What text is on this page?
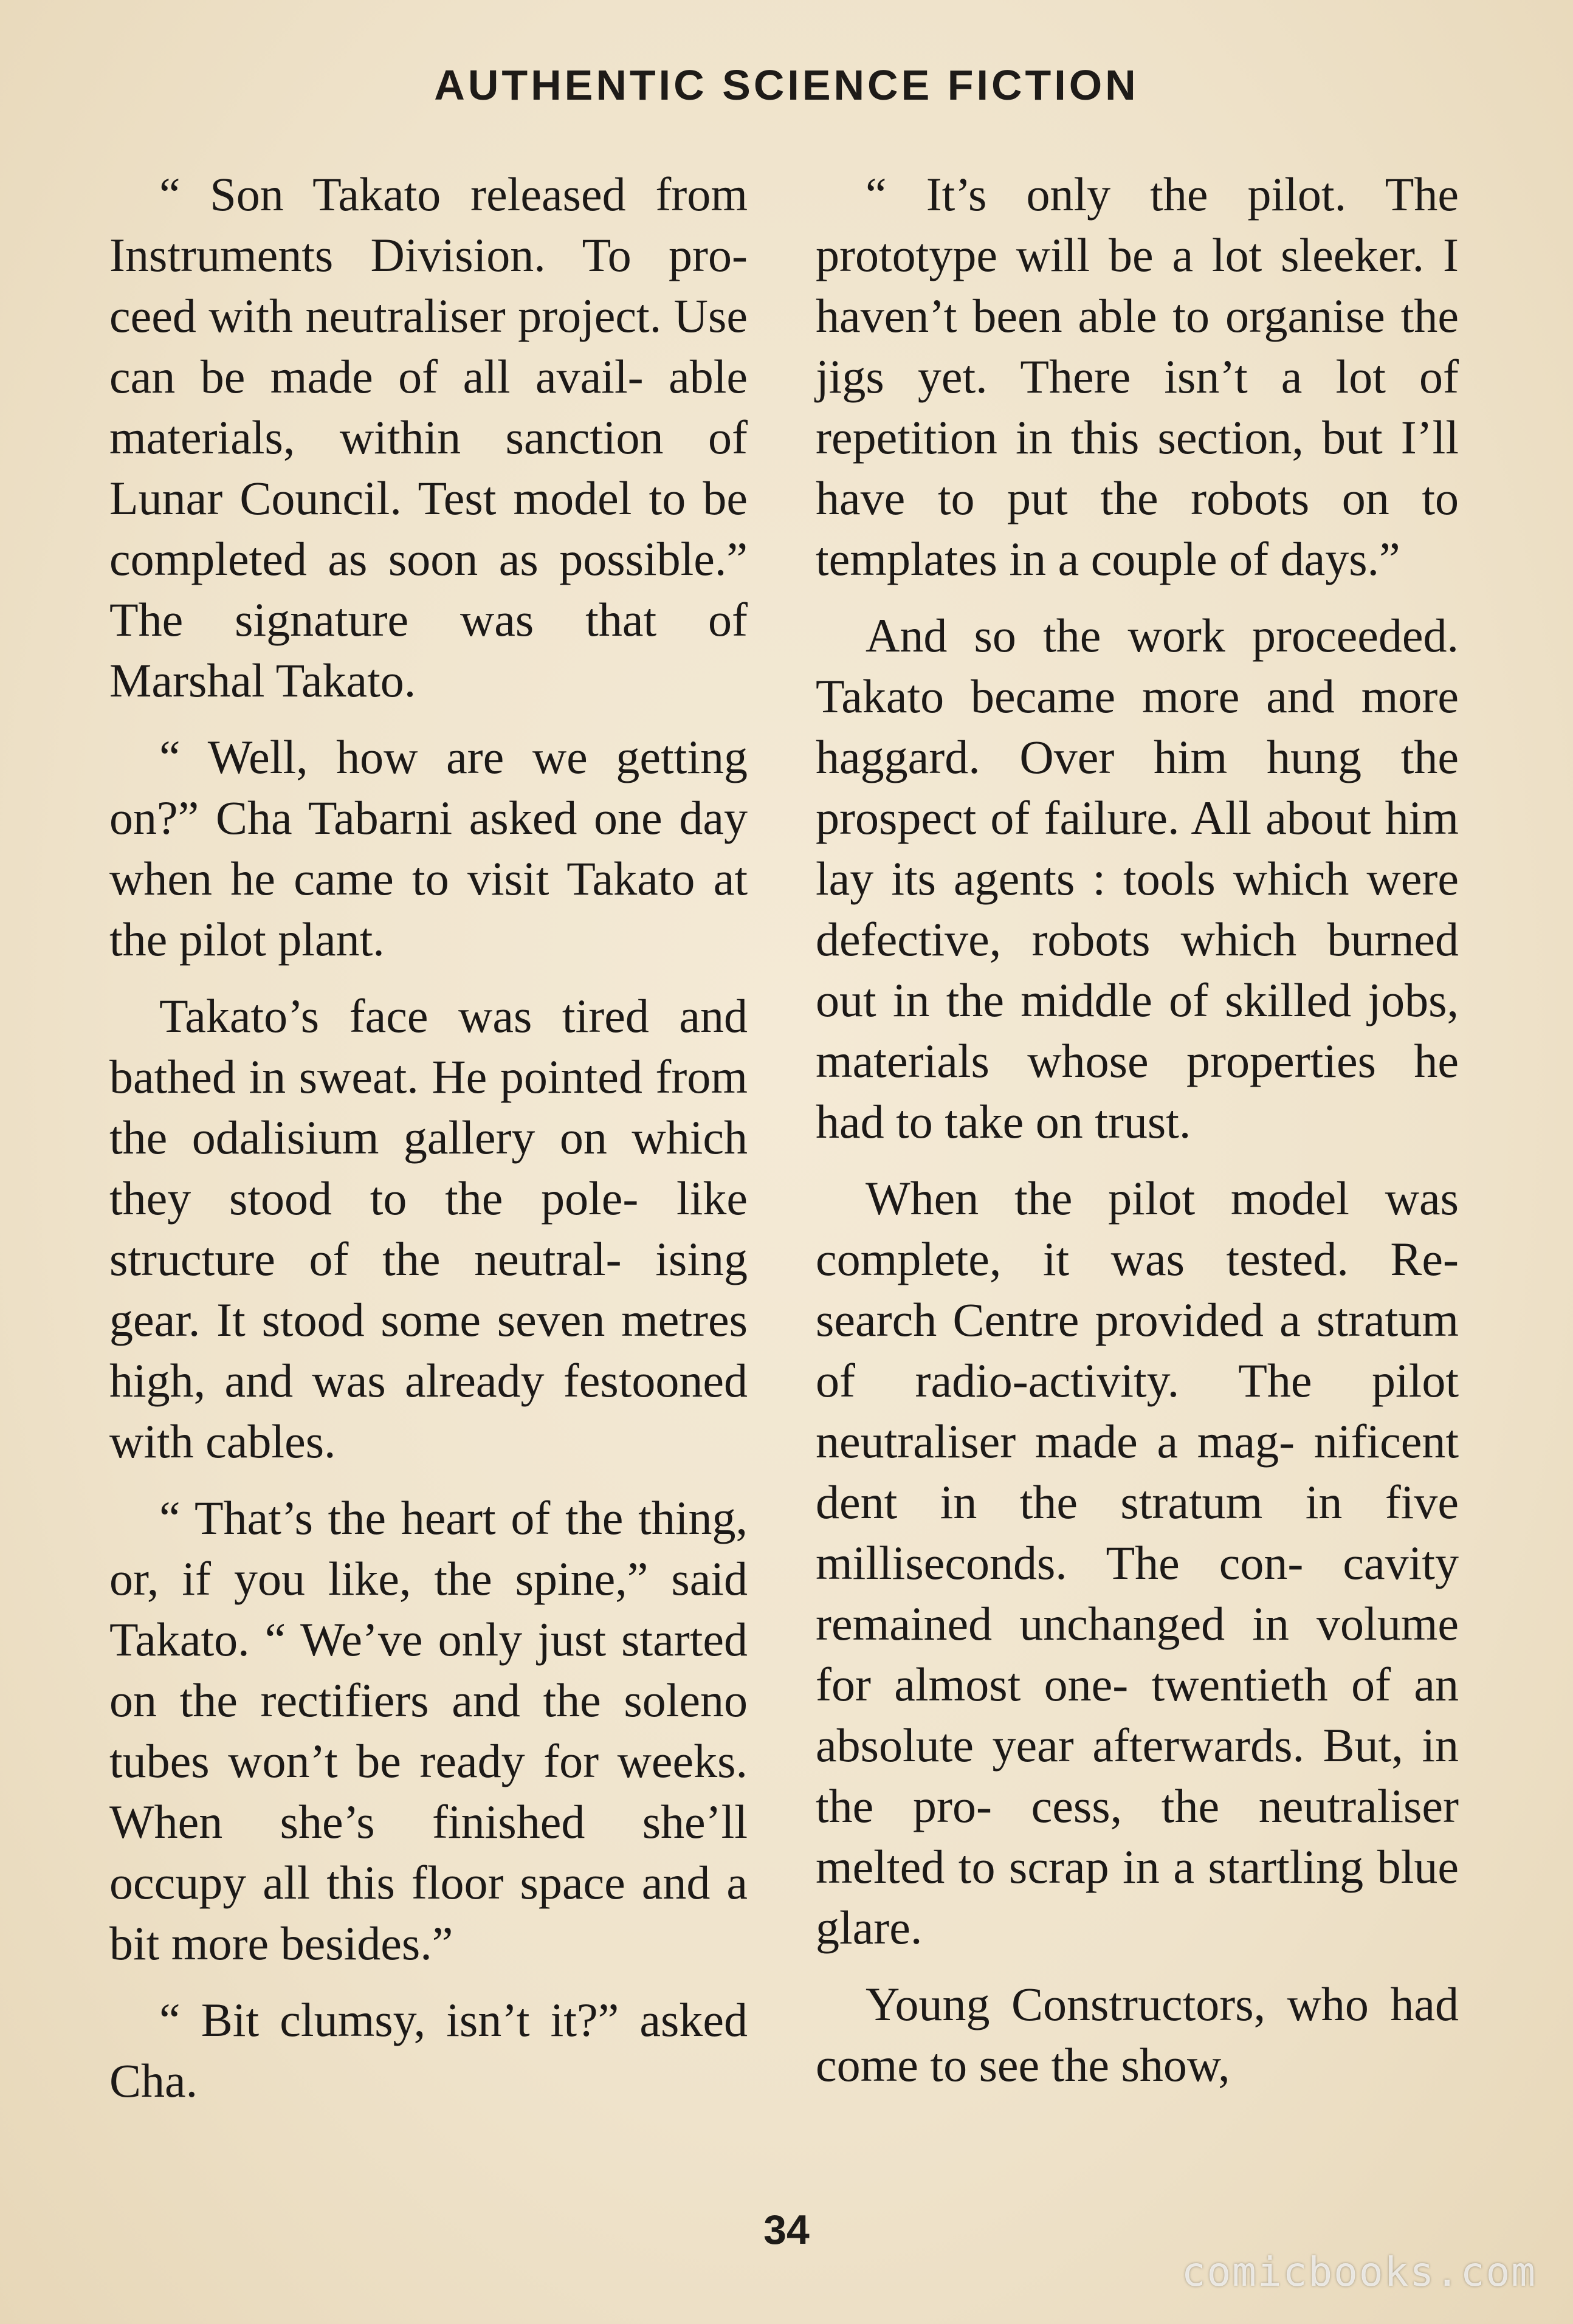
AUTHENTIC SCIENCE FICTION

“ Son Takato released from Instruments Division. To pro- ceed with neutraliser project. Use can be made of all avail- able materials, within sanction of Lunar Council. Test model to be completed as soon as possible.” The signature was that of Marshal Takato.

“ Well, how are we getting on?” Cha Tabarni asked one day when he came to visit Takato at the pilot plant.

Takato’s face was tired and bathed in sweat. He pointed from the odalisium gallery on which they stood to the pole- like structure of the neutral- ising gear. It stood some seven metres high, and was already festooned with cables.

“ That’s the heart of the thing, or, if you like, the spine,” said Takato. “ We’ve only just started on the rectifiers and the soleno tubes won’t be ready for weeks. When she’s finished she’ll occupy all this floor space and a bit more besides.”

“ Bit clumsy, isn’t it?” asked Cha.

“ It’s only the pilot. The prototype will be a lot sleeker. I haven’t been able to organise the jigs yet. There isn’t a lot of repetition in this section, but I’ll have to put the robots on to templates in a couple of days.”

And so the work proceeded. Takato became more and more haggard. Over him hung the prospect of failure. All about him lay its agents : tools which were defective, robots which burned out in the middle of skilled jobs, materials whose properties he had to take on trust.

When the pilot model was complete, it was tested. Re- search Centre provided a stratum of radio-activity. The pilot neutraliser made a mag- nificent dent in the stratum in five milliseconds. The con- cavity remained unchanged in volume for almost one- twentieth of an absolute year afterwards. But, in the pro- cess, the neutraliser melted to scrap in a startling blue glare.

Young Constructors, who had come to see the show,

34
comicbooks.com
